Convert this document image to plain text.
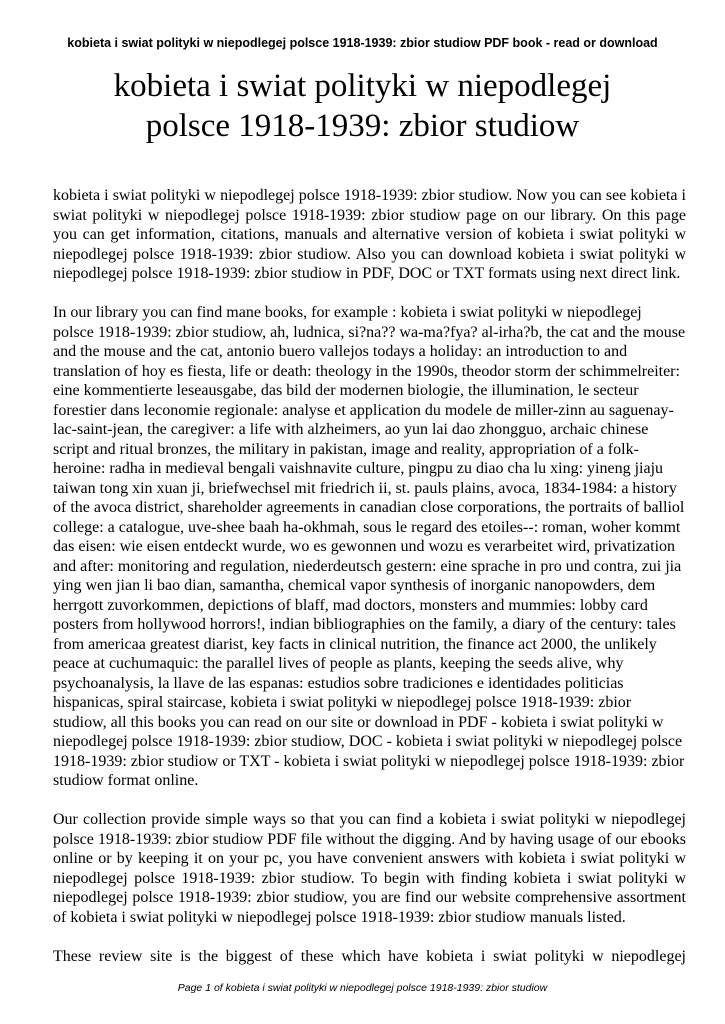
kobieta i swiat polityki w niepodlegej polsce 1918-1939: zbior studiow PDF book - read or download
kobieta i swiat polityki w niepodlegej
polsce 1918-1939: zbior studiow

kobieta i swiat polityki w niepodlegej polsce 1918-1939: zbior studiow. Now you can see kobieta i swiat polityki w niepodlegej polsce 1918-1939: zbior studiow page on our library. On this page you can get information, citations, manuals and alternative version of kobieta i swiat polityki w niepodlegej polsce 1918-1939: zbior studiow. Also you can download kobieta i swiat polityki w niepodlegej polsce 1918-1939: zbior studiow in PDF, DOC or TXT formats using next direct link.

In our library you can find mane books, for example : kobieta i swiat polityki w niepodlegej polsce 1918-1939: zbior studiow, ah, ludnica, si?na?? wa-ma?fya? al-irha?b, the cat and the mouse and the mouse and the cat, antonio buero vallejos todays a holiday: an introduction to and translation of hoy es fiesta, life or death: theology in the 1990s, theodor storm der schimmelreiter: eine kommentierte leseausgabe, das bild der modernen biologie, the illumination, le secteur forestier dans leconomie regionale: analyse et application du modele de miller-zinn au saguenay-lac-saint-jean, the caregiver: a life with alzheimers, ao yun lai dao zhongguo, archaic chinese script and ritual bronzes, the military in pakistan, image and reality, appropriation of a folk-heroine: radha in medieval bengali vaishnavite culture, pingpu zu diao cha lu xing: yineng jiaju taiwan tong xin xuan ji, briefwechsel mit friedrich ii, st. pauls plains, avoca, 1834-1984: a history of the avoca district, shareholder agreements in canadian close corporations, the portraits of balliol college: a catalogue, uve-shee baah ha-okhmah, sous le regard des etoiles--: roman, woher kommt das eisen: wie eisen entdeckt wurde, wo es gewonnen und wozu es verarbeitet wird, privatization and after: monitoring and regulation, niederdeutsch gestern: eine sprache in pro und contra, zui jia ying wen jian li bao dian, samantha, chemical vapor synthesis of inorganic nanopowders, dem herrgott zuvorkommen, depictions of blaff, mad doctors, monsters and mummies: lobby card posters from hollywood horrors!, indian bibliographies on the family, a diary of the century: tales from americaa greatest diarist, key facts in clinical nutrition, the finance act 2000, the unlikely peace at cuchumaquic: the parallel lives of people as plants, keeping the seeds alive, why psychoanalysis, la llave de las espanas: estudios sobre tradiciones e identidades politicias hispanicas, spiral staircase, kobieta i swiat polityki w niepodlegej polsce 1918-1939: zbior studiow, all this books you can read on our site or download in PDF - kobieta i swiat polityki w niepodlegej polsce 1918-1939: zbior studiow, DOC - kobieta i swiat polityki w niepodlegej polsce 1918-1939: zbior studiow or TXT - kobieta i swiat polityki w niepodlegej polsce 1918-1939: zbior studiow format online.

Our collection provide simple ways so that you can find a kobieta i swiat polityki w niepodlegej polsce 1918-1939: zbior studiow PDF file without the digging. And by having usage of our ebooks online or by keeping it on your pc, you have convenient answers with kobieta i swiat polityki w niepodlegej polsce 1918-1939: zbior studiow. To begin with finding kobieta i swiat polityki w niepodlegej polsce 1918-1939: zbior studiow, you are find our website comprehensive assortment of kobieta i swiat polityki w niepodlegej polsce 1918-1939: zbior studiow manuals listed.

These review site is the biggest of these which have kobieta i swiat polityki w niepodlegej

Page 1 of kobieta i swiat polityki w niepodlegej polsce 1918-1939: zbior studiow
